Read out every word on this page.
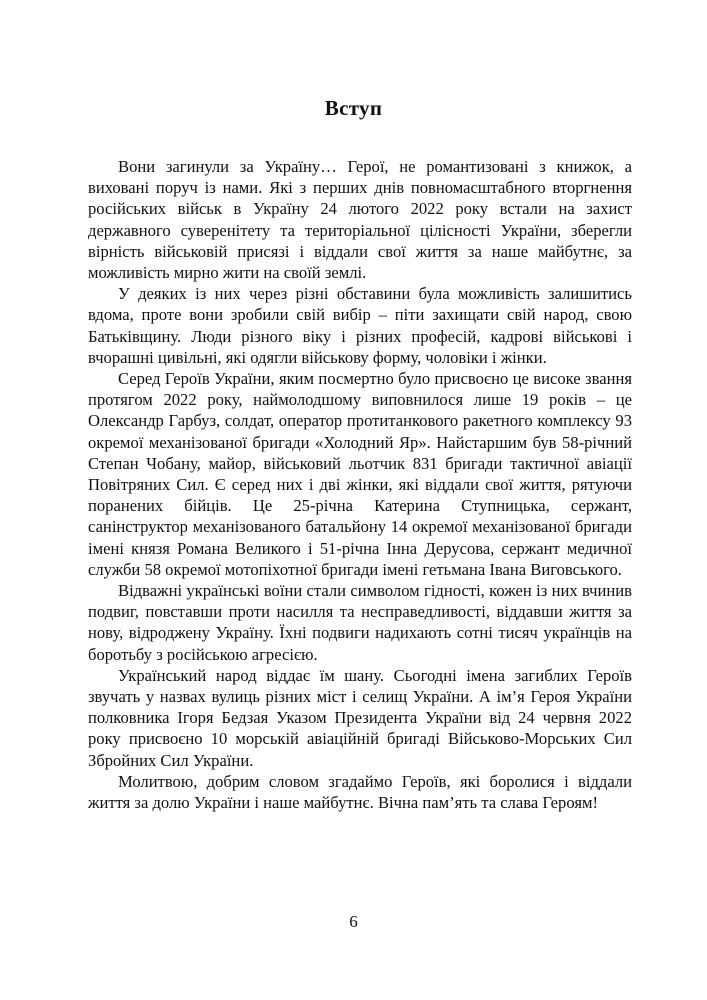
Вступ

Вони загинули за Україну… Герої, не романтизовані з книжок, а виховані поруч із нами. Які з перших днів повномасштабного вторгнення російських військ в Україну 24 лютого 2022 року встали на захист державного суверенітету та територіальної цілісності України, зберегли вірність військовій присязі і віддали свої життя за наше майбутнє, за можливість мирно жити на своїй землі.

У деяких із них через різні обставини була можливість залишитись вдома, проте вони зробили свій вибір – піти захищати свій народ, свою Батьківщину. Люди різного віку і різних професій, кадрові військові і вчорашні цивільні, які одягли військову форму, чоловіки і жінки.

Серед Героїв України, яким посмертно було присвоєно це високе звання протягом 2022 року, наймолодшому виповнилося лише 19 років – це Олександр Гарбуз, солдат, оператор протитанкового ракетного комплексу 93 окремої механізованої бригади «Холодний Яр». Найстаршим був 58-річний Степан Чобану, майор, військовий льотчик 831 бригади тактичної авіації Повітряних Сил. Є серед них і дві жінки, які віддали свої життя, рятуючи поранених бійців. Це 25-річна Катерина Ступницька, сержант, санінструктор механізованого батальйону 14 окремої механізованої бригади імені князя Романа Великого і 51-річна Інна Дерусова, сержант медичної служби 58 окремої мотопіхотної бригади імені гетьмана Івана Виговського.

Відважні українські воїни стали символом гідності, кожен із них вчинив подвиг, повставши проти насилля та несправедливості, віддавши життя за нову, відроджену Україну. Їхні подвиги надихають сотні тисяч українців на боротьбу з російською агресією.

Український народ віддає їм шану. Сьогодні імена загиблих Героїв звучать у назвах вулиць різних міст і селищ України. А ім’я Героя України полковника Ігоря Бедзая Указом Президента України від 24 червня 2022 року присвоєно 10 морській авіаційній бригаді Військово-Морських Сил Збройних Сил України.

Молитвою, добрим словом згадаймо Героїв, які боролися і віддали життя за долю України і наше майбутнє. Вічна пам’ять та слава Героям!

6
